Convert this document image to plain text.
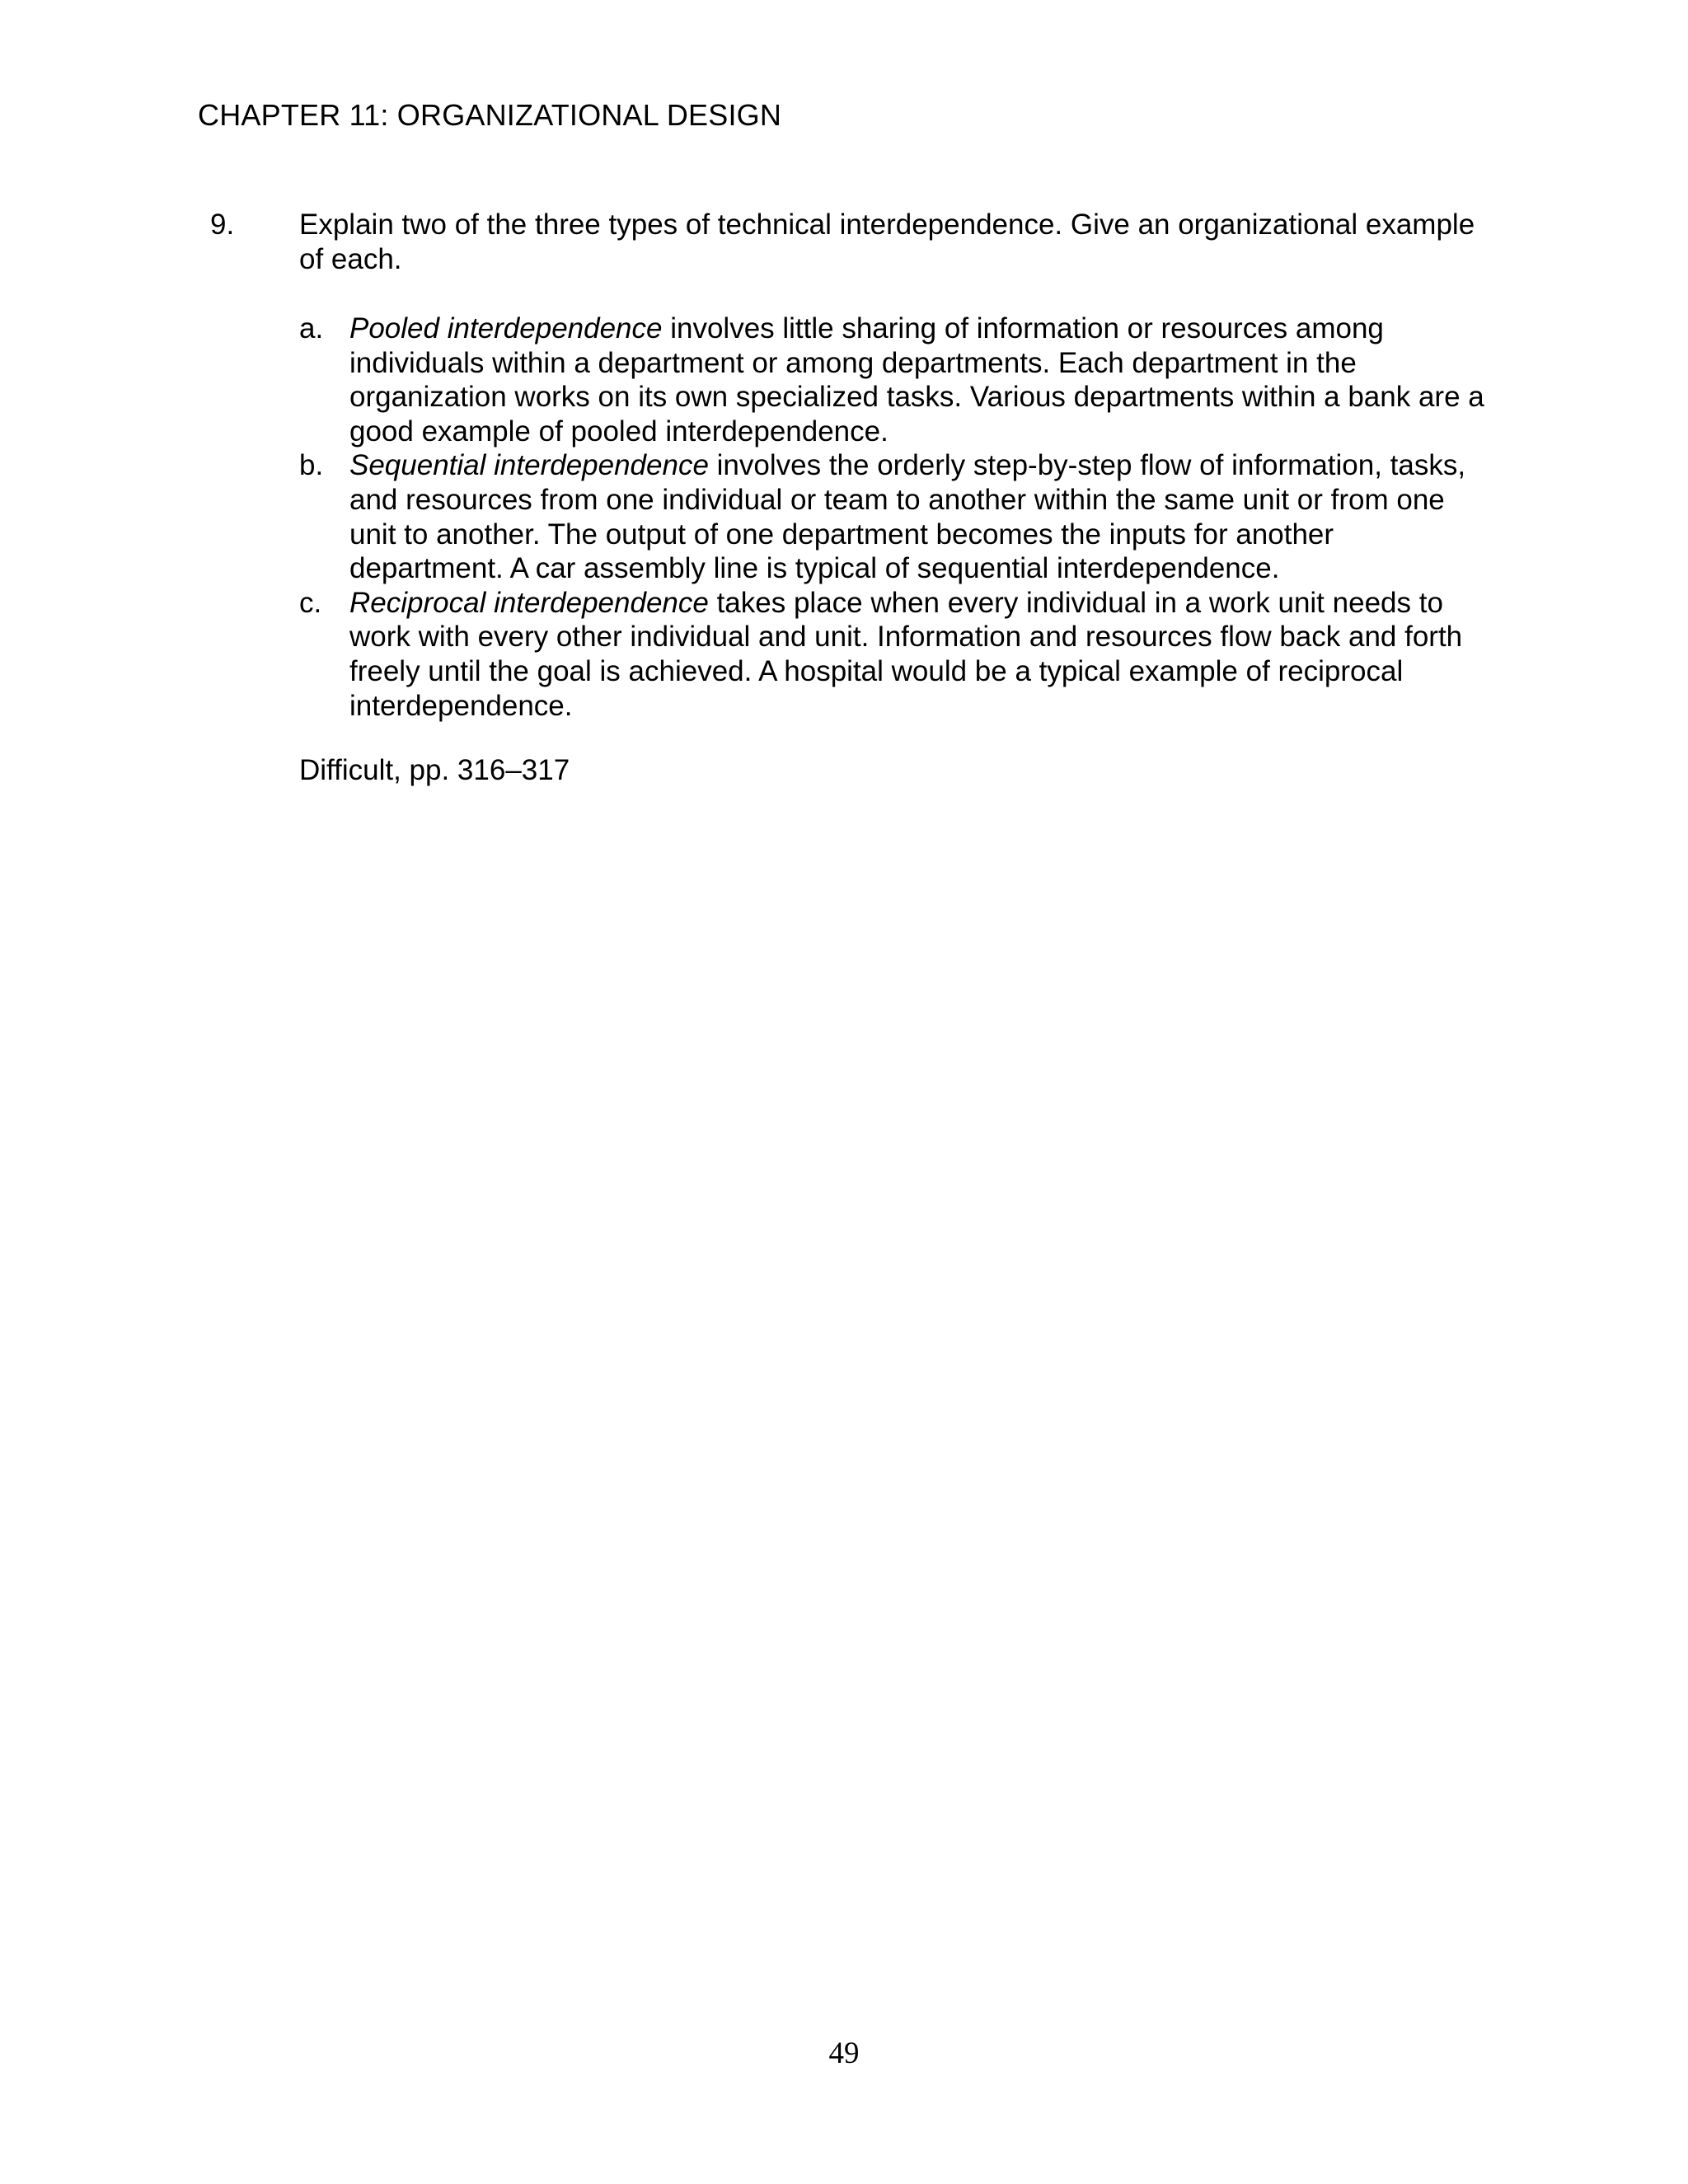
CHAPTER 11: ORGANIZATIONAL DESIGN
9.	Explain two of the three types of technical interdependence. Give an organizational example of each.
a. Pooled interdependence involves little sharing of information or resources among individuals within a department or among departments. Each department in the organization works on its own specialized tasks. Various departments within a bank are a good example of pooled interdependence.
b. Sequential interdependence involves the orderly step-by-step flow of information, tasks, and resources from one individual or team to another within the same unit or from one unit to another. The output of one department becomes the inputs for another department. A car assembly line is typical of sequential interdependence.
c. Reciprocal interdependence takes place when every individual in a work unit needs to work with every other individual and unit. Information and resources flow back and forth freely until the goal is achieved. A hospital would be a typical example of reciprocal interdependence.
Difficult, pp. 316–317
49
